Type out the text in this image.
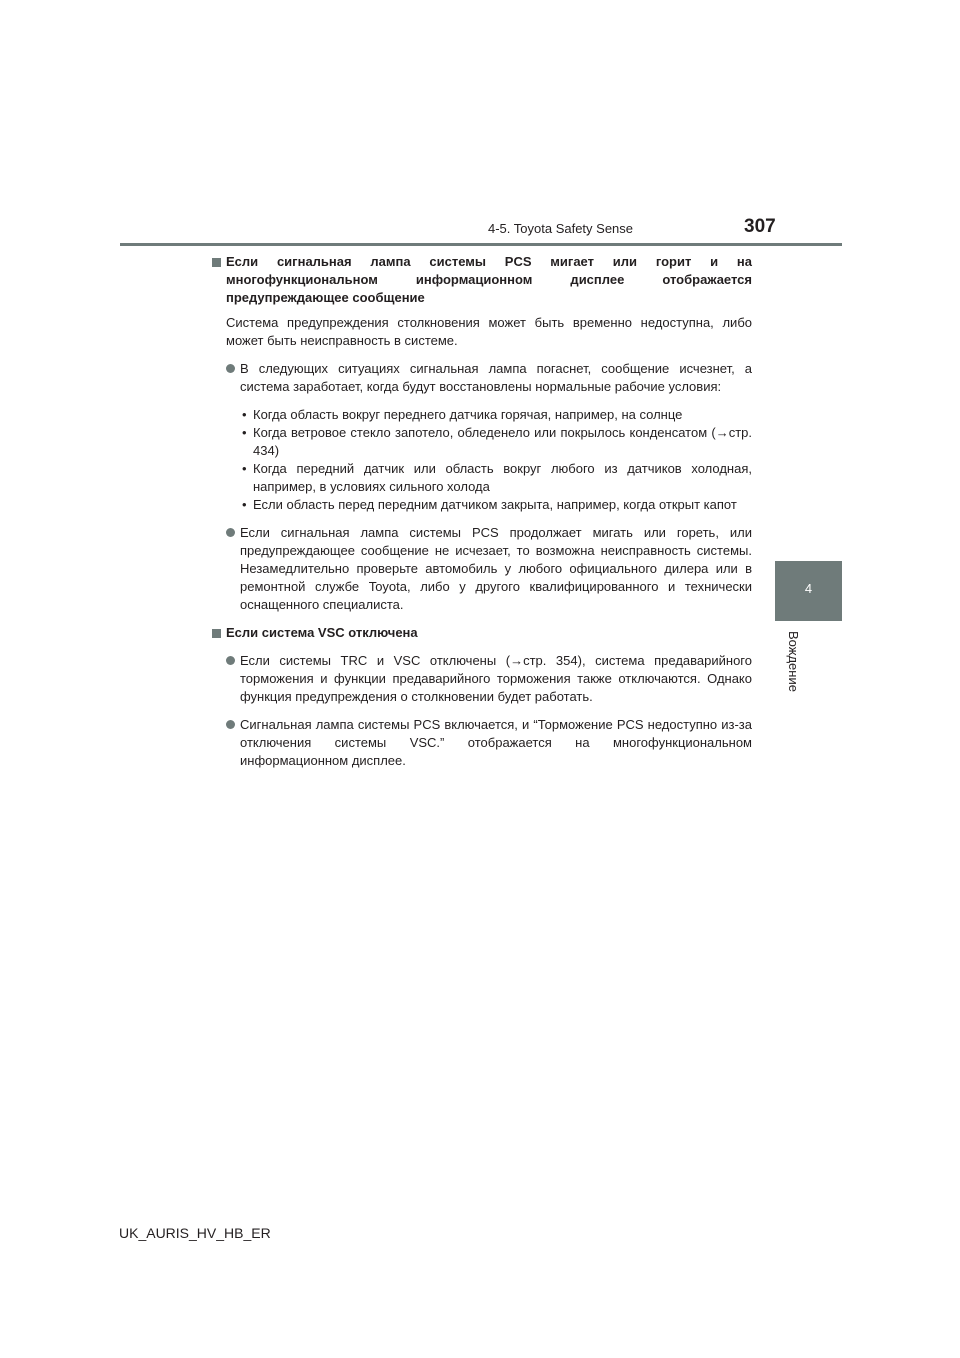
4-5. Toyota Safety Sense	307
4
Вождение
Если сигнальная лампа системы PCS мигает или горит и на многофункциональном информационном дисплее отображается предупреждающее сообщение
Система предупреждения столкновения может быть временно недоступна, либо может быть неисправность в системе.
В следующих ситуациях сигнальная лампа погаснет, сообщение исчезнет, а система заработает, когда будут восстановлены нормальные рабочие условия:
• Когда область вокруг переднего датчика горячая, например, на солнце
• Когда ветровое стекло запотело, обледенело или покрылось конденсатом (→стр. 434)
• Когда передний датчик или область вокруг любого из датчиков холодная, например, в условиях сильного холода
• Если область перед передним датчиком закрыта, например, когда открыт капот
Если сигнальная лампа системы PCS продолжает мигать или гореть, или предупреждающее сообщение не исчезает, то возможна неисправность системы. Незамедлительно проверьте автомобиль у любого официального дилера или в ремонтной службе Toyota, либо у другого квалифицированного и технически оснащенного специалиста.
Если система VSC отключена
Если системы TRC и VSC отключены (→стр. 354), система предаварийного торможения и функции предаварийного торможения также отключаются. Однако функция предупреждения о столкновении будет работать.
Сигнальная лампа системы PCS включается, и “Торможение PCS недоступно из-за отключения системы VSC.” отображается на многофункциональном информационном дисплее.
UK_AURIS_HV_HB_ER
